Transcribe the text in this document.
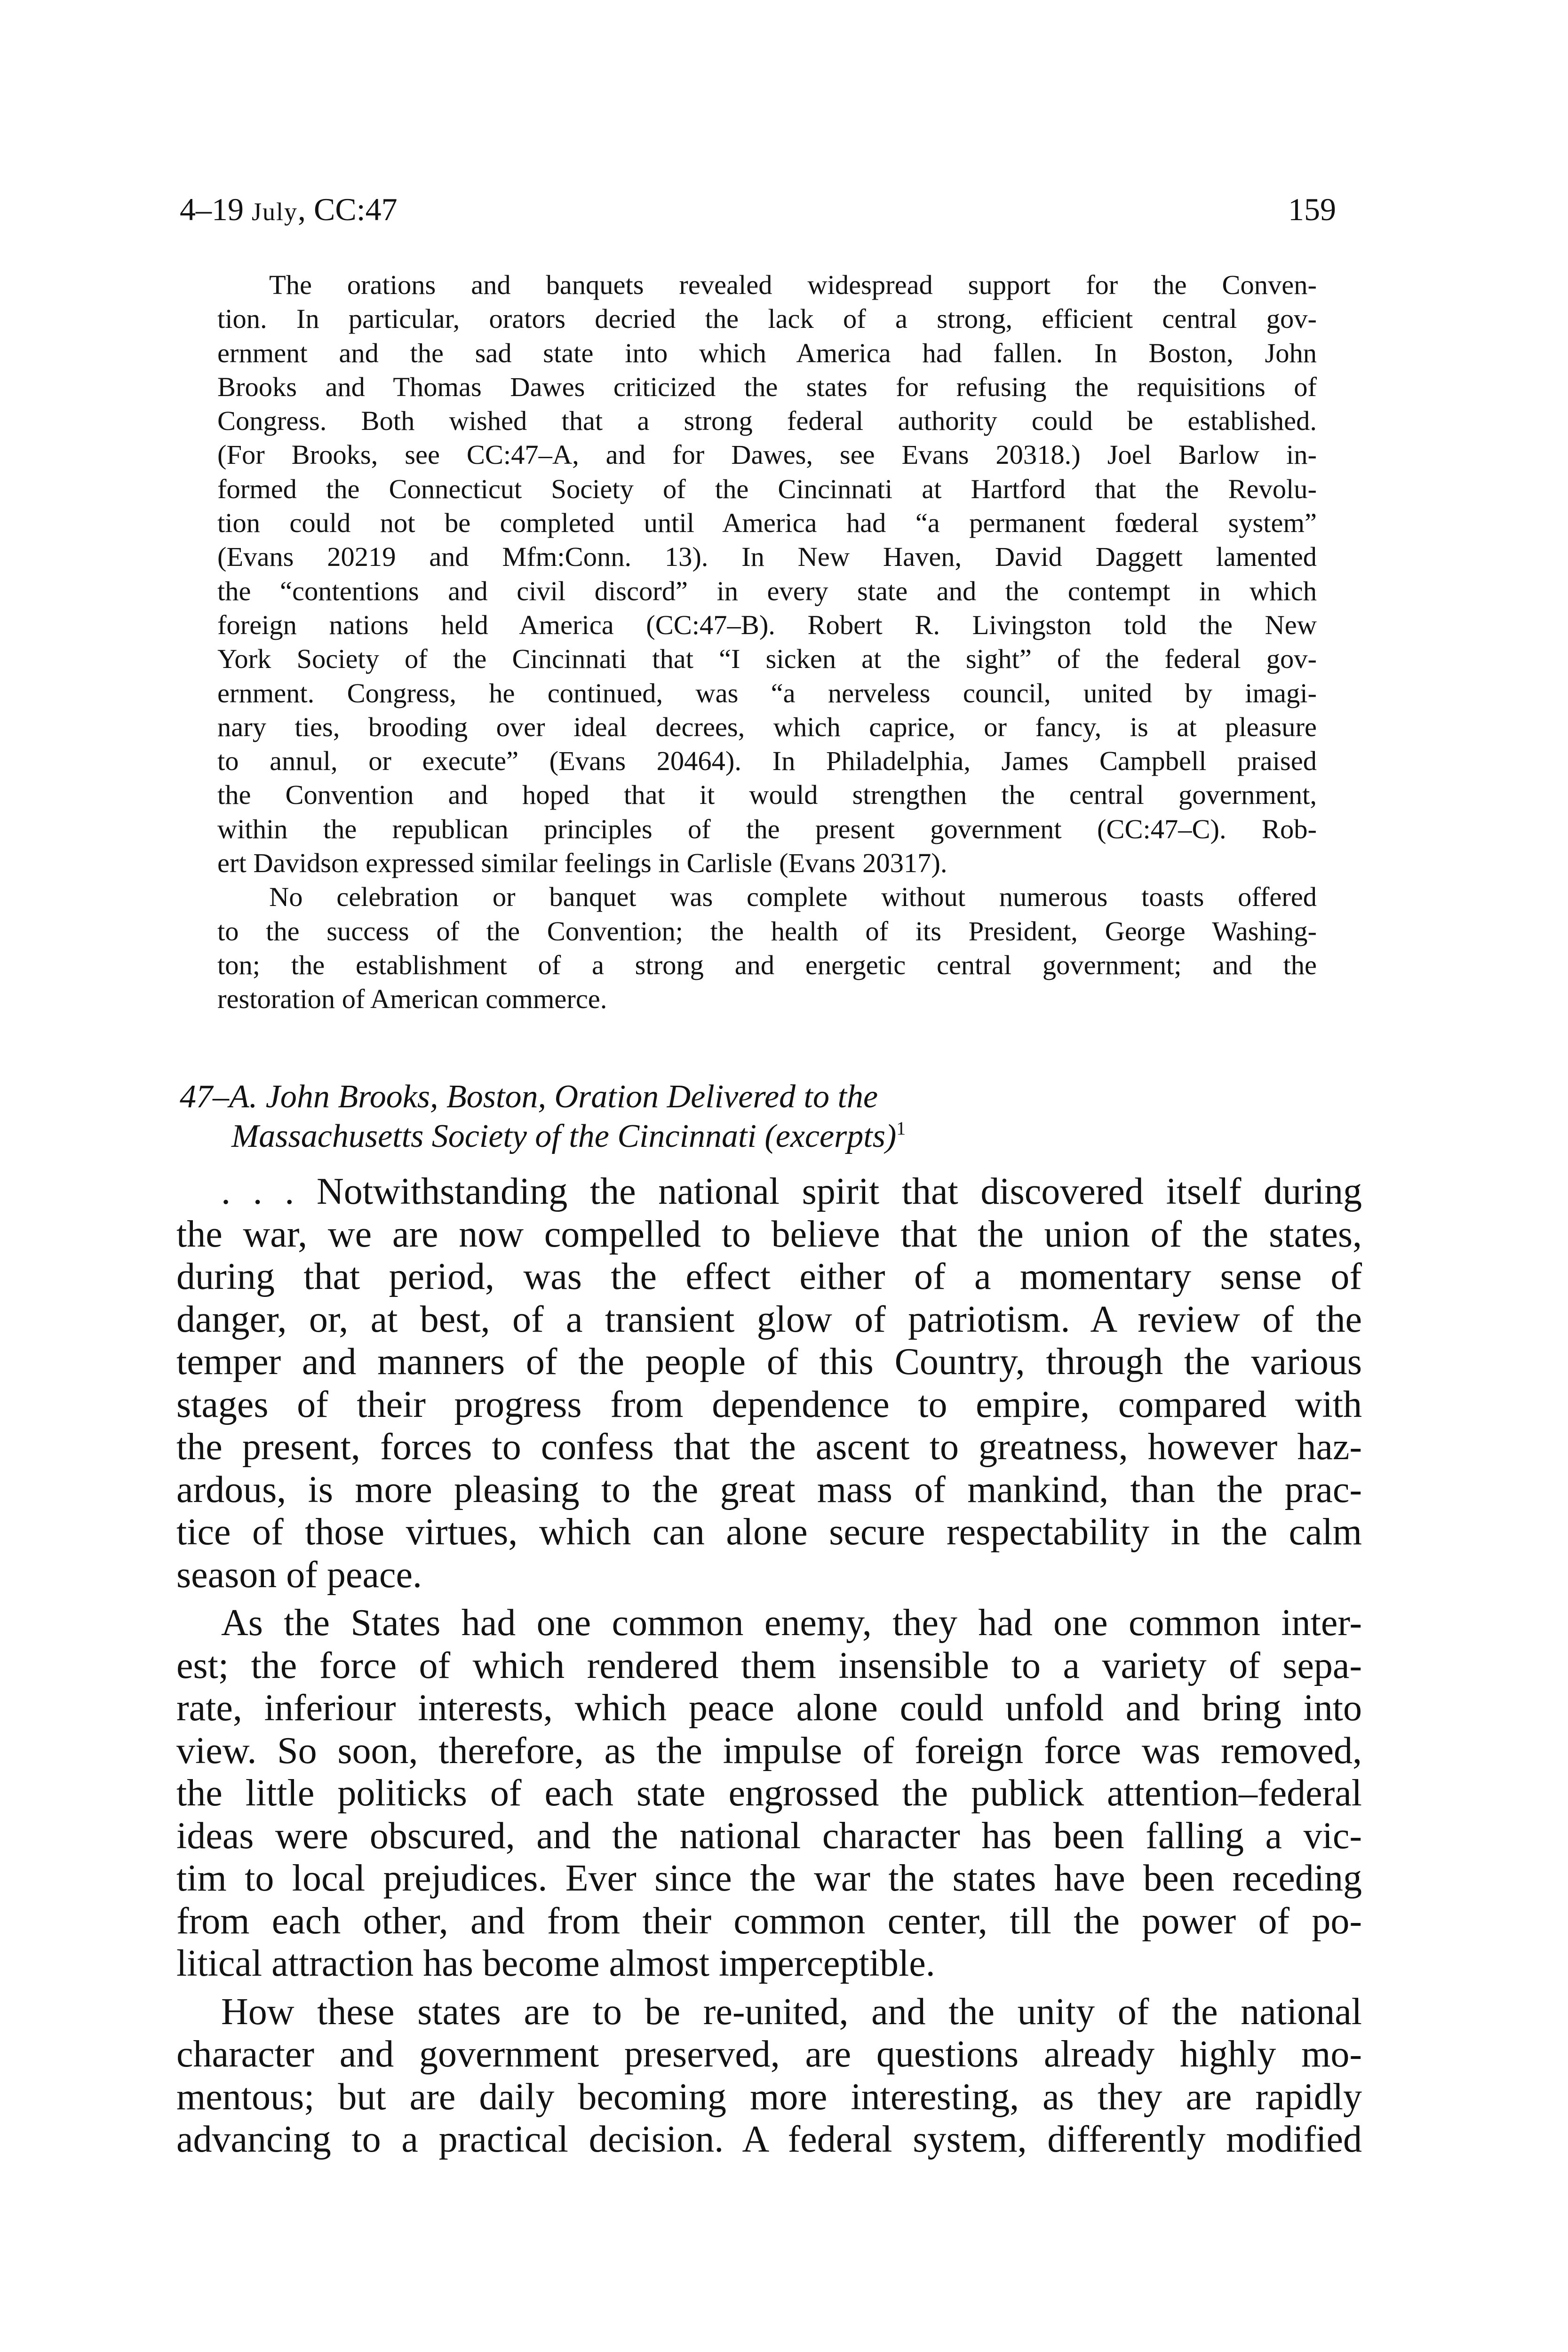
4–19 July, CC:47	159
The orations and banquets revealed widespread support for the Conven-
tion. In particular, orators decried the lack of a strong, efficient central gov-
ernment and the sad state into which America had fallen. In Boston, John
Brooks and Thomas Dawes criticized the states for refusing the requisitions of
Congress. Both wished that a strong federal authority could be established.
(For Brooks, see CC:47–A, and for Dawes, see Evans 20318.) Joel Barlow in-
formed the Connecticut Society of the Cincinnati at Hartford that the Revolu-
tion could not be completed until America had “a permanent fœderal system”
(Evans 20219 and Mfm:Conn. 13). In New Haven, David Daggett lamented
the “contentions and civil discord” in every state and the contempt in which
foreign nations held America (CC:47–B). Robert R. Livingston told the New
York Society of the Cincinnati that “I sicken at the sight” of the federal gov-
ernment. Congress, he continued, was “a nerveless council, united by imagi-
nary ties, brooding over ideal decrees, which caprice, or fancy, is at pleasure
to annul, or execute” (Evans 20464). In Philadelphia, James Campbell praised
the Convention and hoped that it would strengthen the central government,
within the republican principles of the present government (CC:47–C). Rob-
ert Davidson expressed similar feelings in Carlisle (Evans 20317).
No celebration or banquet was complete without numerous toasts offered
to the success of the Convention; the health of its President, George Washing-
ton; the establishment of a strong and energetic central government; and the
restoration of American commerce.
47–A. John Brooks, Boston, Oration Delivered to the
Massachusetts Society of the Cincinnati (excerpts)$^1$
. . . Notwithstanding the national spirit that discovered itself during
the war, we are now compelled to believe that the union of the states,
during that period, was the effect either of a momentary sense of
danger, or, at best, of a transient glow of patriotism. A review of the
temper and manners of the people of this Country, through the various
stages of their progress from dependence to empire, compared with
the present, forces to confess that the ascent to greatness, however haz-
ardous, is more pleasing to the great mass of mankind, than the prac-
tice of those virtues, which can alone secure respectability in the calm
season of peace.
As the States had one common enemy, they had one common inter-
est; the force of which rendered them insensible to a variety of sepa-
rate, inferiour interests, which peace alone could unfold and bring into
view. So soon, therefore, as the impulse of foreign force was removed,
the little politicks of each state engrossed the publick attention–federal
ideas were obscured, and the national character has been falling a vic-
tim to local prejudices. Ever since the war the states have been receding
from each other, and from their common center, till the power of po-
litical attraction has become almost imperceptible.
How these states are to be re-united, and the unity of the national
character and government preserved, are questions already highly mo-
mentous; but are daily becoming more interesting, as they are rapidly
advancing to a practical decision. A federal system, differently modified
